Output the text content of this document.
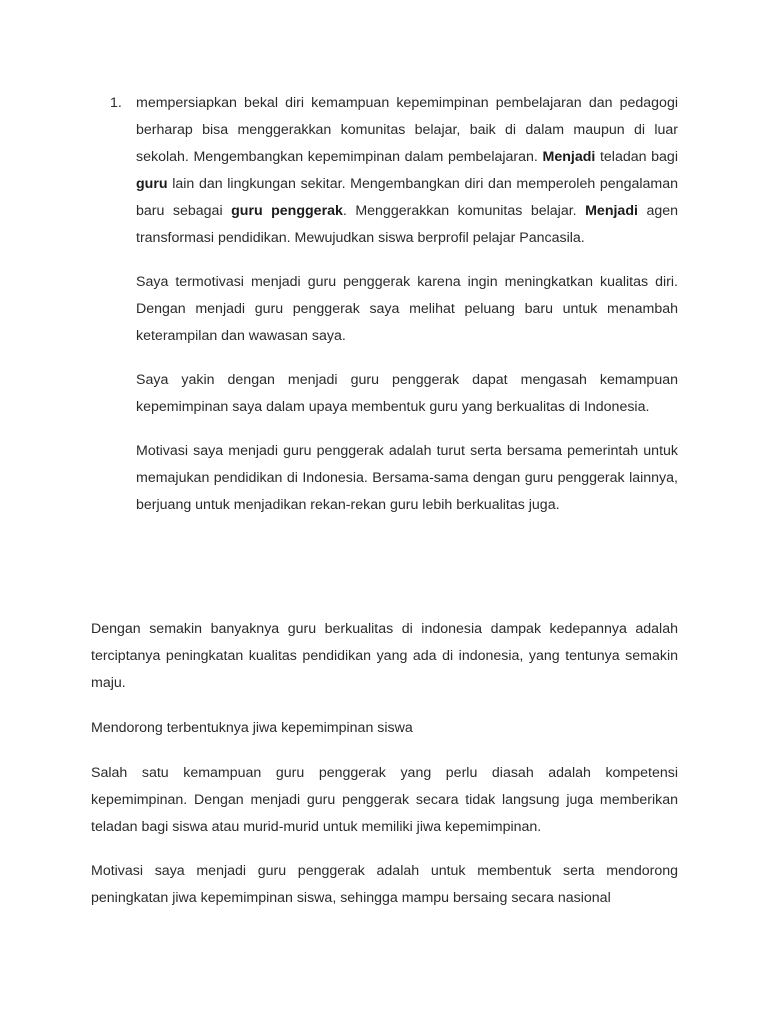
1. mempersiapkan bekal diri kemampuan kepemimpinan pembelajaran dan pedagogi berharap bisa menggerakkan komunitas belajar, baik di dalam maupun di luar sekolah. Mengembangkan kepemimpinan dalam pembelajaran. Menjadi teladan bagi guru lain dan lingkungan sekitar. Mengembangkan diri dan memperoleh pengalaman baru sebagai guru penggerak. Menggerakkan komunitas belajar. Menjadi agen transformasi pendidikan. Mewujudkan siswa berprofil pelajar Pancasila.

Saya termotivasi menjadi guru penggerak karena ingin meningkatkan kualitas diri. Dengan menjadi guru penggerak saya melihat peluang baru untuk menambah keterampilan dan wawasan saya.

Saya yakin dengan menjadi guru penggerak dapat mengasah kemampuan kepemimpinan saya dalam upaya membentuk guru yang berkualitas di Indonesia.

Motivasi saya menjadi guru penggerak adalah turut serta bersama pemerintah untuk memajukan pendidikan di Indonesia. Bersama-sama dengan guru penggerak lainnya, berjuang untuk menjadikan rekan-rekan guru lebih berkualitas juga.

Dengan semakin banyaknya guru berkualitas di indonesia dampak kedepannya adalah terciptanya peningkatan kualitas pendidikan yang ada di indonesia, yang tentunya semakin maju.

Mendorong terbentuknya jiwa kepemimpinan siswa

Salah satu kemampuan guru penggerak yang perlu diasah adalah kompetensi kepemimpinan. Dengan menjadi guru penggerak secara tidak langsung juga memberikan teladan bagi siswa atau murid-murid untuk memiliki jiwa kepemimpinan.

Motivasi saya menjadi guru penggerak adalah untuk membentuk serta mendorong peningkatan jiwa kepemimpinan siswa, sehingga mampu bersaing secara nasional
